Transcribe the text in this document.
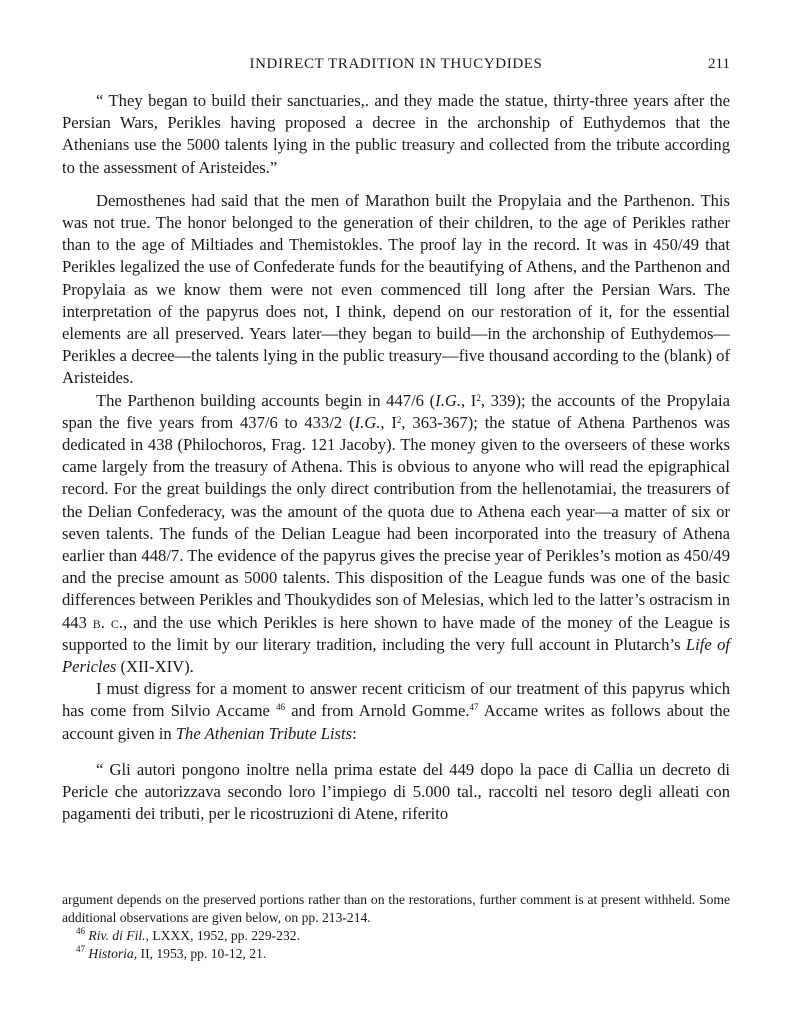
INDIRECT TRADITION IN THUCYDIDES	211

“ They began to build their sanctuaries,. and they made the statue, thirty-three years after the Persian Wars, Perikles having proposed a decree in the archonship of Euthydemos that the Athenians use the 5000 talents lying in the public treasury and collected from the tribute according to the assessment of Aristeides.”

Demosthenes had said that the men of Marathon built the Propylaia and the Parthenon. This was not true. The honor belonged to the generation of their children, to the age of Perikles rather than to the age of Miltiades and Themistokles. The proof lay in the record. It was in 450/49 that Perikles legalized the use of Confederate funds for the beautifying of Athens, and the Parthenon and Propylaia as we know them were not even commenced till long after the Persian Wars. The interpretation of the papyrus does not, I think, depend on our restoration of it, for the essential elements are all preserved. Years later—they began to build—in the archonship of Euthydemos—Perikles a decree—the talents lying in the public treasury—five thousand according to the (blank) of Aristeides.

The Parthenon building accounts begin in 447/6 (I.G., $I^2$, 339); the accounts of the Propylaia span the five years from 437/6 to 433/2 (I.G., $I^2$, 363-367); the statue of Athena Parthenos was dedicated in 438 (Philochoros, Frag. 121 Jacoby). The money given to the overseers of these works came largely from the treasury of Athena. This is obvious to anyone who will read the epigraphical record. For the great buildings the only direct contribution from the hellenotamiai, the treasurers of the Delian Confederacy, was the amount of the quota due to Athena each year—a matter of six or seven talents. The funds of the Delian League had been incorporated into the treasury of Athena earlier than 448/7. The evidence of the papyrus gives the precise year of Perikles’s motion as 450/49 and the precise amount as 5000 talents. This disposition of the League funds was one of the basic differences between Perikles and Thoukydides son of Melesias, which led to the latter’s ostracism in 443 b. c., and the use which Perikles is here shown to have made of the money of the League is supported to the limit by our literary tradition, including the very full account in Plutarch’s Life of Pericles (XII-XIV).

I must digress for a moment to answer recent criticism of our treatment of this papyrus which has come from Silvio Accame $^{46}$ and from Arnold Gomme.$^{47}$ Accame writes as follows about the account given in The Athenian Tribute Lists:

“ Gli autori pongono inoltre nella prima estate del 449 dopo la pace di Callia un decreto di Pericle che autorizzava secondo loro l’impiego di 5.000 tal., raccolti nel tesoro degli alleati con pagamenti dei tributi, per le ricostruzioni di Atene, riferito

argument depends on the preserved portions rather than on the restorations, further comment is at present withheld. Some additional observations are given below, on pp. 213-214.

$^{46}$ Riv. di Fil., LXXX, 1952, pp. 229-232.

$^{47}$ Historia, II, 1953, pp. 10-12, 21.
